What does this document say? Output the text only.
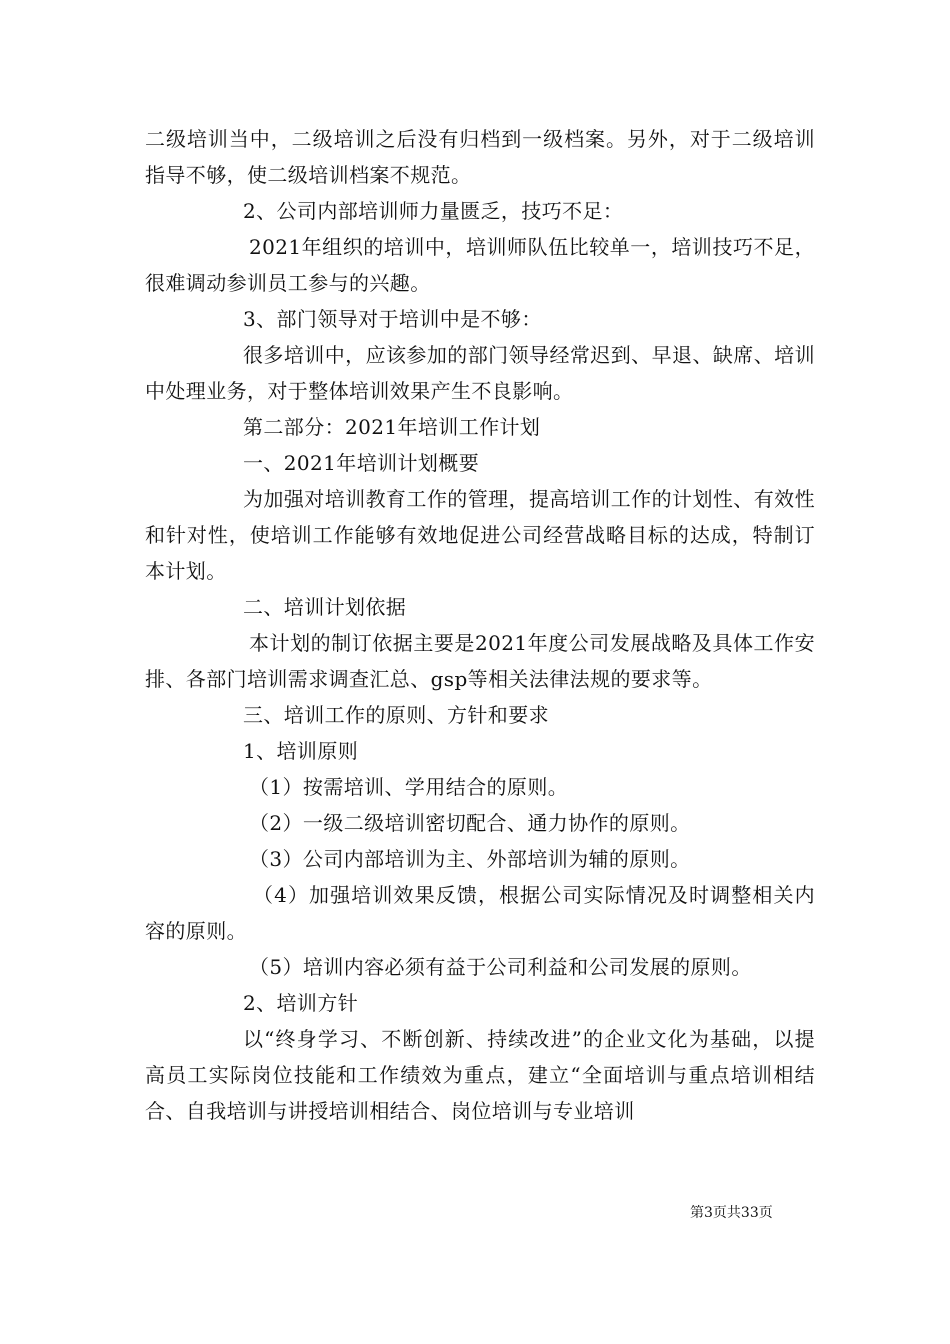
二级培训当中，二级培训之后没有归档到一级档案。另外，对于二级培训指导不够，使二级培训档案不规范。

2、公司内部培训师力量匮乏，技巧不足：

2021年组织的培训中，培训师队伍比较单一，培训技巧不足，很难调动参训员工参与的兴趣。

3、部门领导对于培训中是不够：

很多培训中，应该参加的部门领导经常迟到、早退、缺席、培训中处理业务，对于整体培训效果产生不良影响。

第二部分：2021年培训工作计划

一、2021年培训计划概要

为加强对培训教育工作的管理，提高培训工作的计划性、有效性和针对性，使培训工作能够有效地促进公司经营战略目标的达成，特制订本计划。

二、培训计划依据

本计划的制订依据主要是2021年度公司发展战略及具体工作安排、各部门培训需求调查汇总、gsp等相关法律法规的要求等。

三、培训工作的原则、方针和要求

1、培训原则

（1）按需培训、学用结合的原则。

（2）一级二级培训密切配合、通力协作的原则。

（3）公司内部培训为主、外部培训为辅的原则。

（4）加强培训效果反馈，根据公司实际情况及时调整相关内容的原则。

（5）培训内容必须有益于公司利益和公司发展的原则。

2、培训方针

以“终身学习、不断创新、持续改进”的企业文化为基础，以提高员工实际岗位技能和工作绩效为重点，建立“全面培训与重点培训相结合、自我培训与讲授培训相结合、岗位培训与专业培训

第3页共33页
